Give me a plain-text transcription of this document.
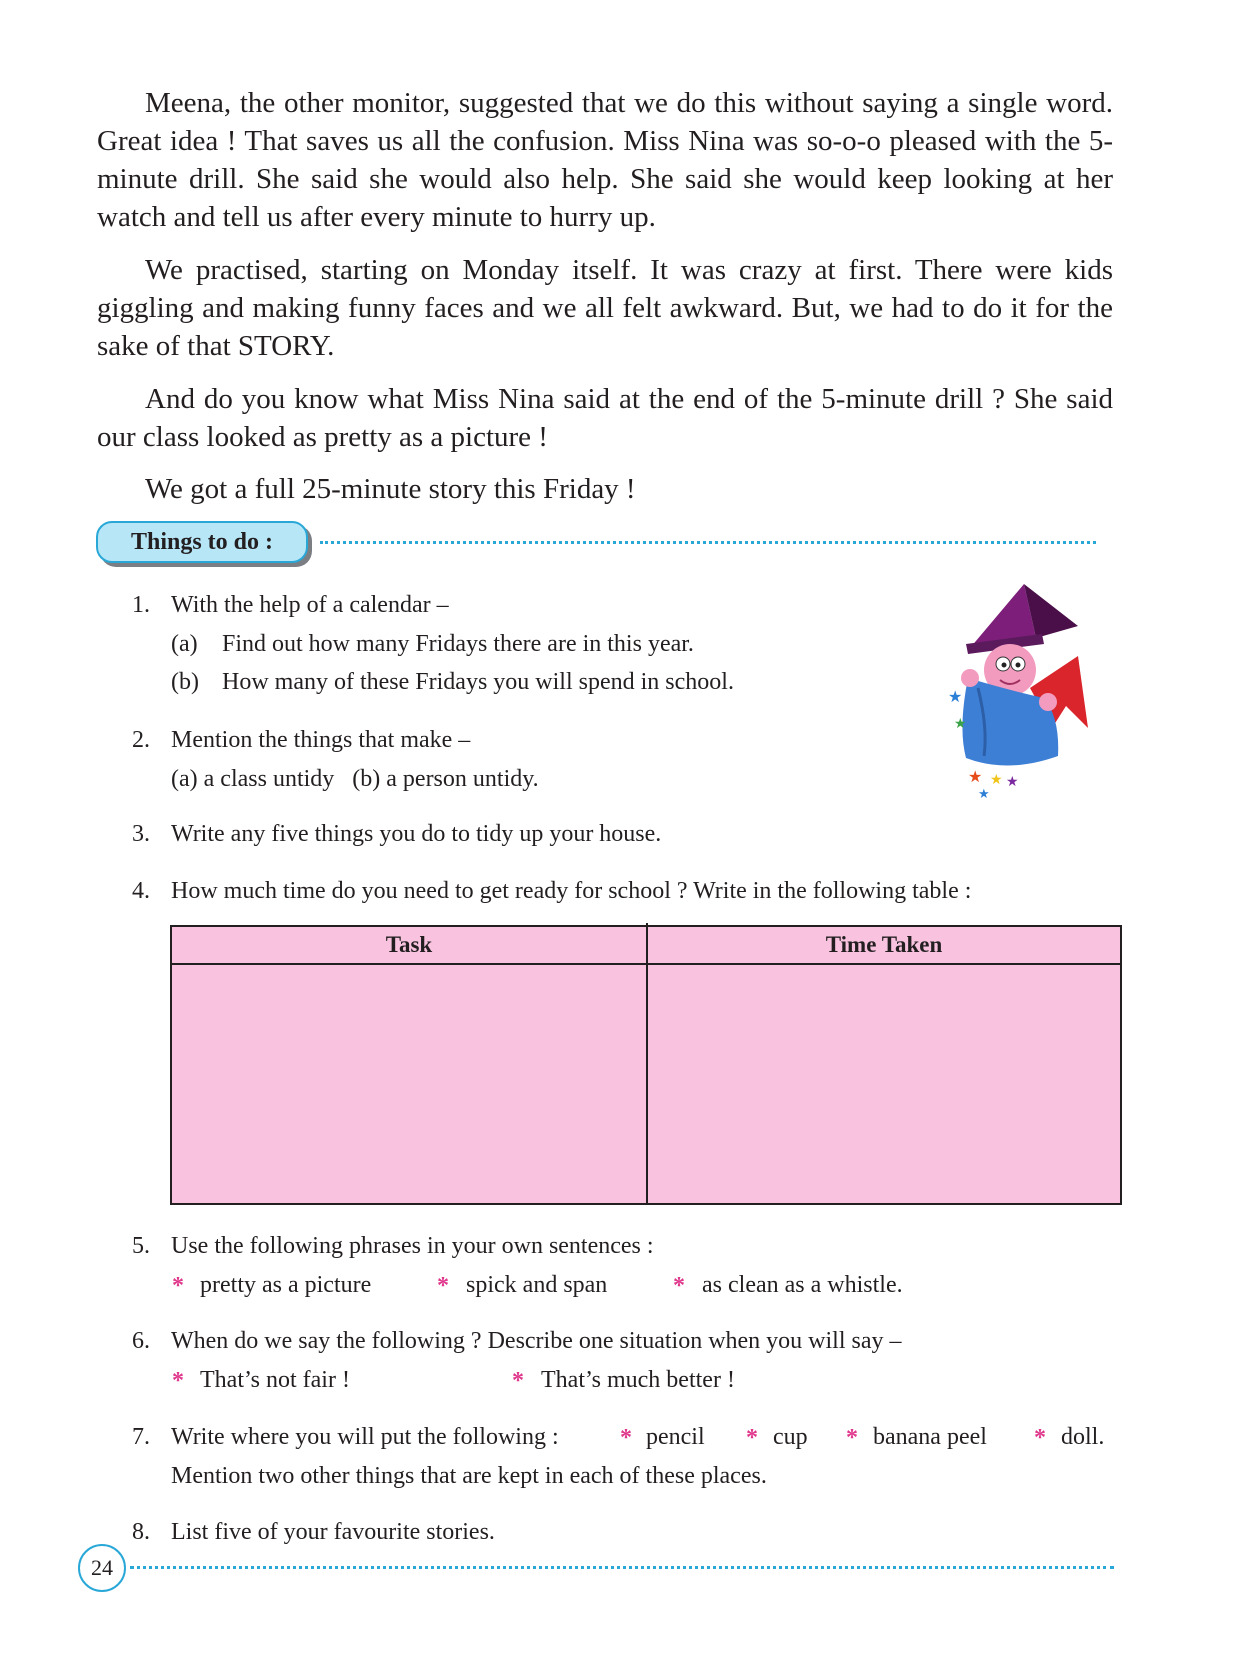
Meena, the other monitor, suggested that we do this without saying a single word. Great idea ! That saves us all the confusion. Miss Nina was so-o-o pleased with the 5-minute drill. She said she would also help. She said she would keep looking at her watch and tell us after every minute to hurry up.

We practised, starting on Monday itself. It was crazy at first. There were kids giggling and making funny faces and we all felt awkward. But, we had to do it for the sake of that STORY.

And do you know what Miss Nina said at the end of the 5-minute drill ? She said our class looked as pretty as a picture !

We got a full 25-minute story this Friday !

Things to do :
1. With the help of a calendar –
(a) Find out how many Fridays there are in this year.
(b) How many of these Fridays you will spend in school.
★
★
★ ★ ★
★
2. Mention the things that make –
(a) a class untidy   (b) a person untidy.
3. Write any five things you do to tidy up your house.
4. How much time do you need to get ready for school ? Write in the following table :
Task	Time Taken
5. Use the following phrases in your own sentences :
* pretty as a picture	* spick and span	* as clean as a whistle.
6. When do we say the following ? Describe one situation when you will say –
* That’s not fair !	* That’s much better !
7. Write where you will put the following :	* pencil * cup * banana peel * doll.
Mention two other things that are kept in each of these places.
8. List five of your favourite stories.
24
